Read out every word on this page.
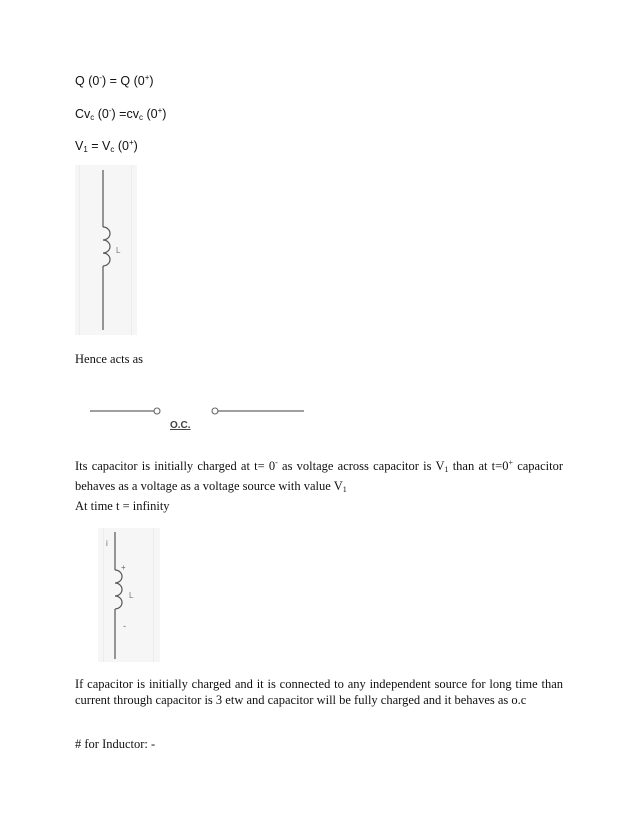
Q (0-) = Q (0+)
$Cv_c$ $(0^-) =cv_c$ (0+)
$V_1 = V_c$ (0+)
L
Hence acts as
O.C.
Its capacitor is initially charged at t= 0- as voltage across capacitor is $V_1$ than at t=0+ capacitor behaves as a voltage as a voltage source with value $V_1$
At time t = infinity
i
+
L
-
If capacitor is initially charged and it is connected to any independent source for long time than current through capacitor is 3 etw and capacitor will be fully charged and it behaves as o.c
# for Inductor: -
